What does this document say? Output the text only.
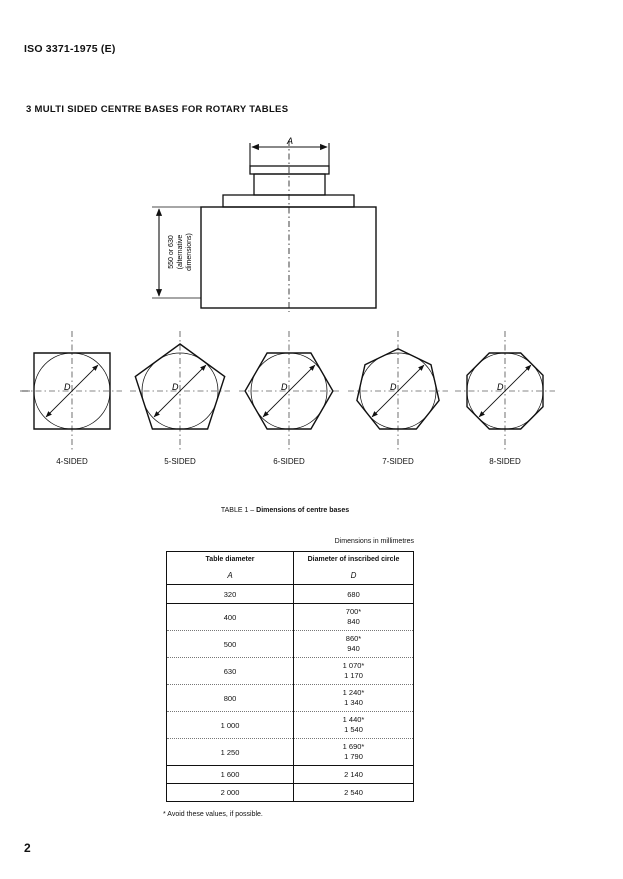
ISO 3371-1975 (E)
3 MULTI SIDED CENTRE BASES FOR ROTARY TABLES
A
550 or 630 (alternative dimensions)
D	D	D	D	D
4-SIDED	5-SIDED	6-SIDED	7-SIDED	8-SIDED
TABLE 1 – Dimensions of centre bases
Dimensions in millimetres
Table diameter	Diameter of inscribed circle
A	D
320	680
400	700*
840
500	860*
940
630	1 070*
1 170
800	1 240*
1 340
1 000	1 440*
1 540
1 250	1 690*
1 790
1 600	2 140
2 000	2 540
* Avoid these values, if possible.
2
